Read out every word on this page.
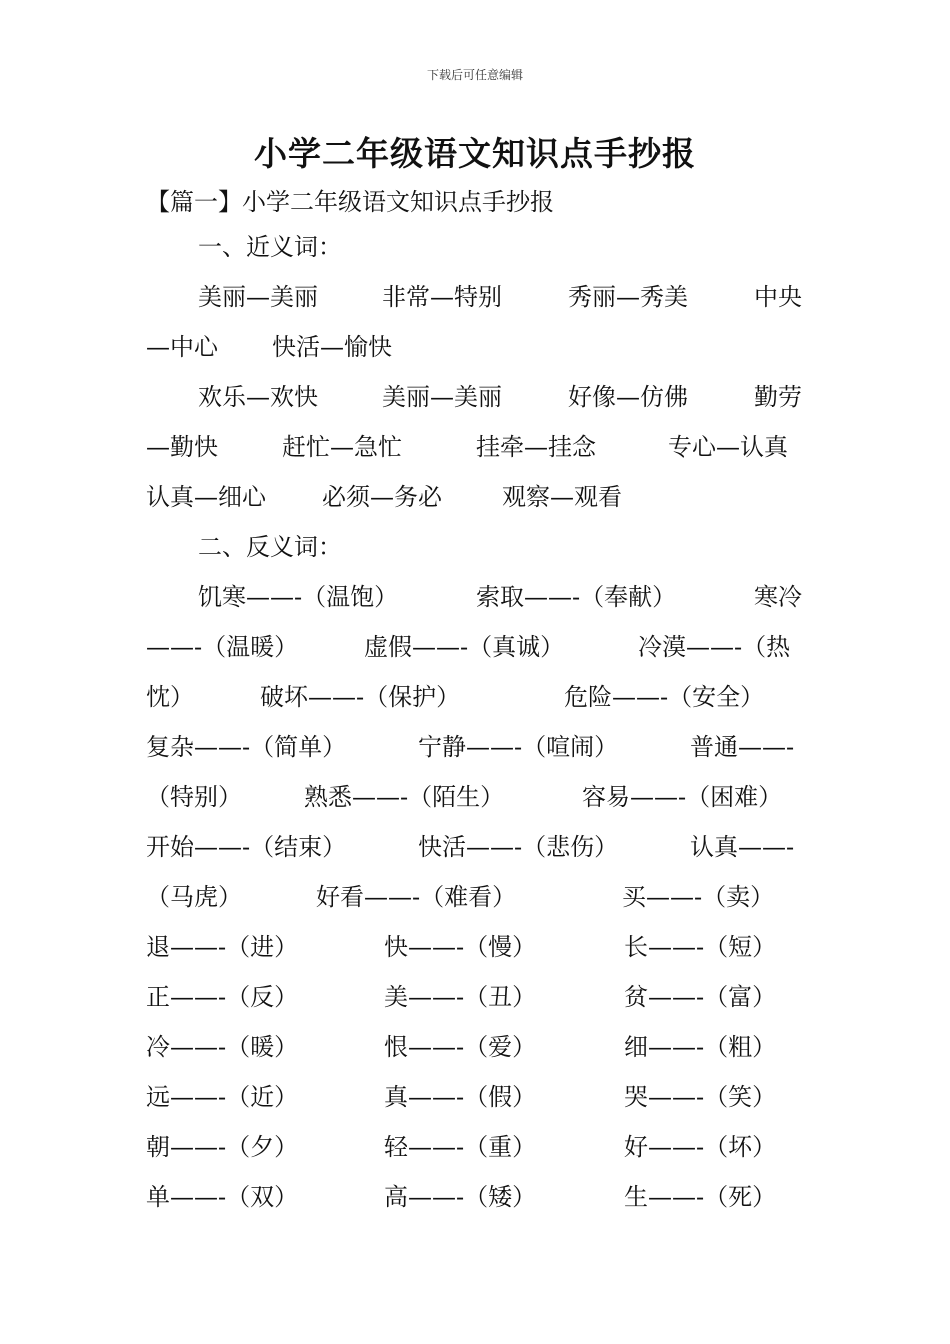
下载后可任意编辑
小学二年级语文知识点手抄报
【篇一】小学二年级语文知识点手抄报
一、近义词：
美丽—美丽	非常—特别	秀丽—秀美	中央
—中心 快活—愉快
欢乐—欢快	美丽—美丽	好像—仿佛	勤劳
—勤快	赶忙—急忙	挂牵—挂念	专心—认真
认真—细心 必须—务必	观察—观看
二、反义词：
饥寒——-（温饱）	索取——-（奉献）	寒冷
——-（温暖）	虚假——-（真诚）	冷漠——-（热
忱）	破坏——-（保护）	危险——-（安全）
复杂——-（简单）	宁静——-（喧闹）	普通——-
（特别）	熟悉——-（陌生）	容易——-（困难）
开始——-（结束）	快活——-（悲伤）	认真——-
（马虎）	好看——-（难看）	买——-（卖）
退——-（进）	快——-（慢）	长——-（短）
正——-（反）	美——-（丑）	贫——-（富）
冷——-（暖）	恨——-（爱）	细——-（粗）
远——-（近）	真——-（假）	哭——-（笑）
朝——-（夕）	轻——-（重）	好——-（坏）
单——-（双）	高——-（矮）	生——-（死）
